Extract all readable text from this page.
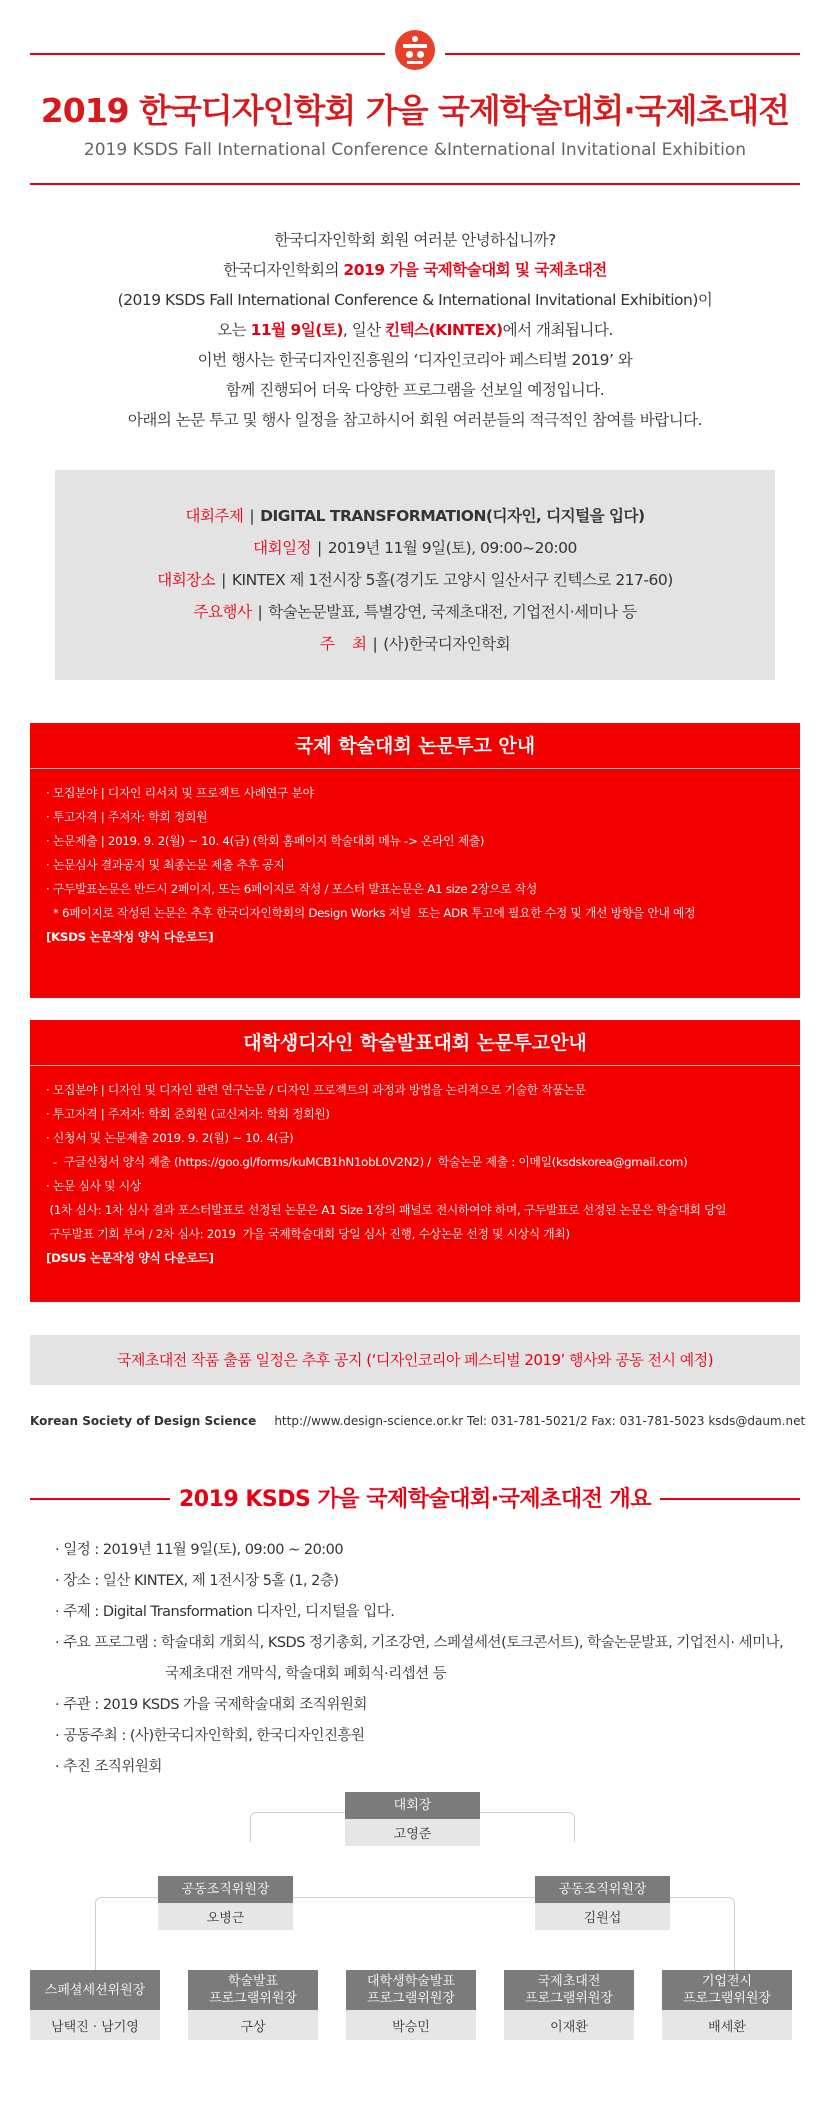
2019 한국디자인학회 가을 국제학술대회·국제초대전
2019 KSDS Fall International Conference &International Invitational Exhibition
한국디자인학회 회원 여러분 안녕하십니까?
한국디자인학회의 2019 가을 국제학술대회 및 국제초대전
(2019 KSDS Fall International Conference & International Invitational Exhibition)이
오는 11월 9일(토), 일산 킨텍스(KINTEX)에서 개최됩니다.
이번 행사는 한국디자인진흥원의 ‘디자인코리아 페스티벌 2019’ 와
함께 진행되어 더욱 다양한 프로그램을 선보일 예정입니다.
아래의 논문 투고 및 행사 일정을 참고하시어 회원 여러분들의 적극적인 참여를 바랍니다.
대회주제 | DIGITAL TRANSFORMATION(디자인, 디지털을 입다)
대회일정 | 2019년 11월 9일(토), 09:00~20:00
대회장소 | KINTEX 제 1전시장 5홀(경기도 고양시 일산서구 킨텍스로 217-60)
주요행사 | 학술논문발표, 특별강연, 국제초대전, 기업전시·세미나 등
주    최 | (사)한국디자인학회
국제 학술대회 논문투고 안내
· 모집분야 | 디자인 리서치 및 프로젝트 사례연구 분야
· 투고자격 | 주저자: 학회 정회원
· 논문제출 | 2019. 9. 2(월) ~ 10. 4(금) (학회 홈페이지 학술대회 메뉴 -> 온라인 제출)
· 논문심사 결과공지 및 최종논문 제출 추후 공지
· 구두발표논문은 반드시 2페이지, 또는 6페이지로 작성 / 포스터 발표논문은 A1 size 2장으로 작성
* 6페이지로 작성된 논문은 추후 한국디자인학회의 Design Works 저널  또는 ADR 투고에 필요한 수정 및 개선 방향을 안내 예정
[KSDS 논문작성 양식 다운로드]
대학생디자인 학술발표대회 논문투고안내
· 모집분야 | 디자인 및 디자인 관련 연구논문 / 디자인 프로젝트의 과정과 방법을 논리적으로 기술한 작품논문
· 투고자격 | 주저자: 학회 준회원 (교신저자: 학회 정회원)
· 신청서 및 논문제출 2019. 9. 2(월) ~ 10. 4(금)
-  구글신청서 양식 제출 (https://goo.gl/forms/kuMCB1hN1obL0V2N2) /  학술논문 제출 : 이메일(ksdskorea@gmail.com)
· 논문 심사 및 시상
(1차 심사: 1차 심사 결과 포스터발표로 선정된 논문은 A1 Size 1장의 패널로 전시하여야 하며, 구두발표로 선정된 논문은 학술대회 당일
구두발표 기회 부여 / 2차 심사: 2019  가을 국제학술대회 당일 심사 진행, 수상논문 선정 및 시상식 개최)
[DSUS 논문작성 양식 다운로드]
국제초대전 작품 출품 일정은 추후 공지 (‘디자인코리아 페스티벌 2019’ 행사와 공동 전시 예정)
Korean Society of Design Science http://www.design-science.or.kr Tel: 031-781-5021/2 Fax: 031-781-5023 ksds@daum.net
2019 KSDS 가을 국제학술대회·국제초대전 개요
· 일정 : 2019년 11월 9일(토), 09:00 ~ 20:00
· 장소 : 일산 KINTEX, 제 1전시장 5홀 (1, 2층)
· 주제 : Digital Transformation 디자인, 디지털을 입다.
· 주요 프로그램 : 학술대회 개회식, KSDS 정기총회, 기조강연, 스페셜세션(토크콘서트), 학술논문발표, 기업전시· 세미나,
국제초대전 개막식, 학술대회 폐회식·리셉션 등
· 주관 : 2019 KSDS 가을 국제학술대회 조직위원회
· 공동주최 : (사)한국디자인학회, 한국디자인진흥원
· 추진 조직위원회
대회장
고영준
공동조직위원장
오병근
공동조직위원장
김원섭
스페셜세션위원장
남택진 · 남기영
학술발표
프로그램위원장
구상
대학생학술발표
프로그램위원장
박승민
국제초대전
프로그램위원장
이재환
기업전시
프로그램위원장
배세환
